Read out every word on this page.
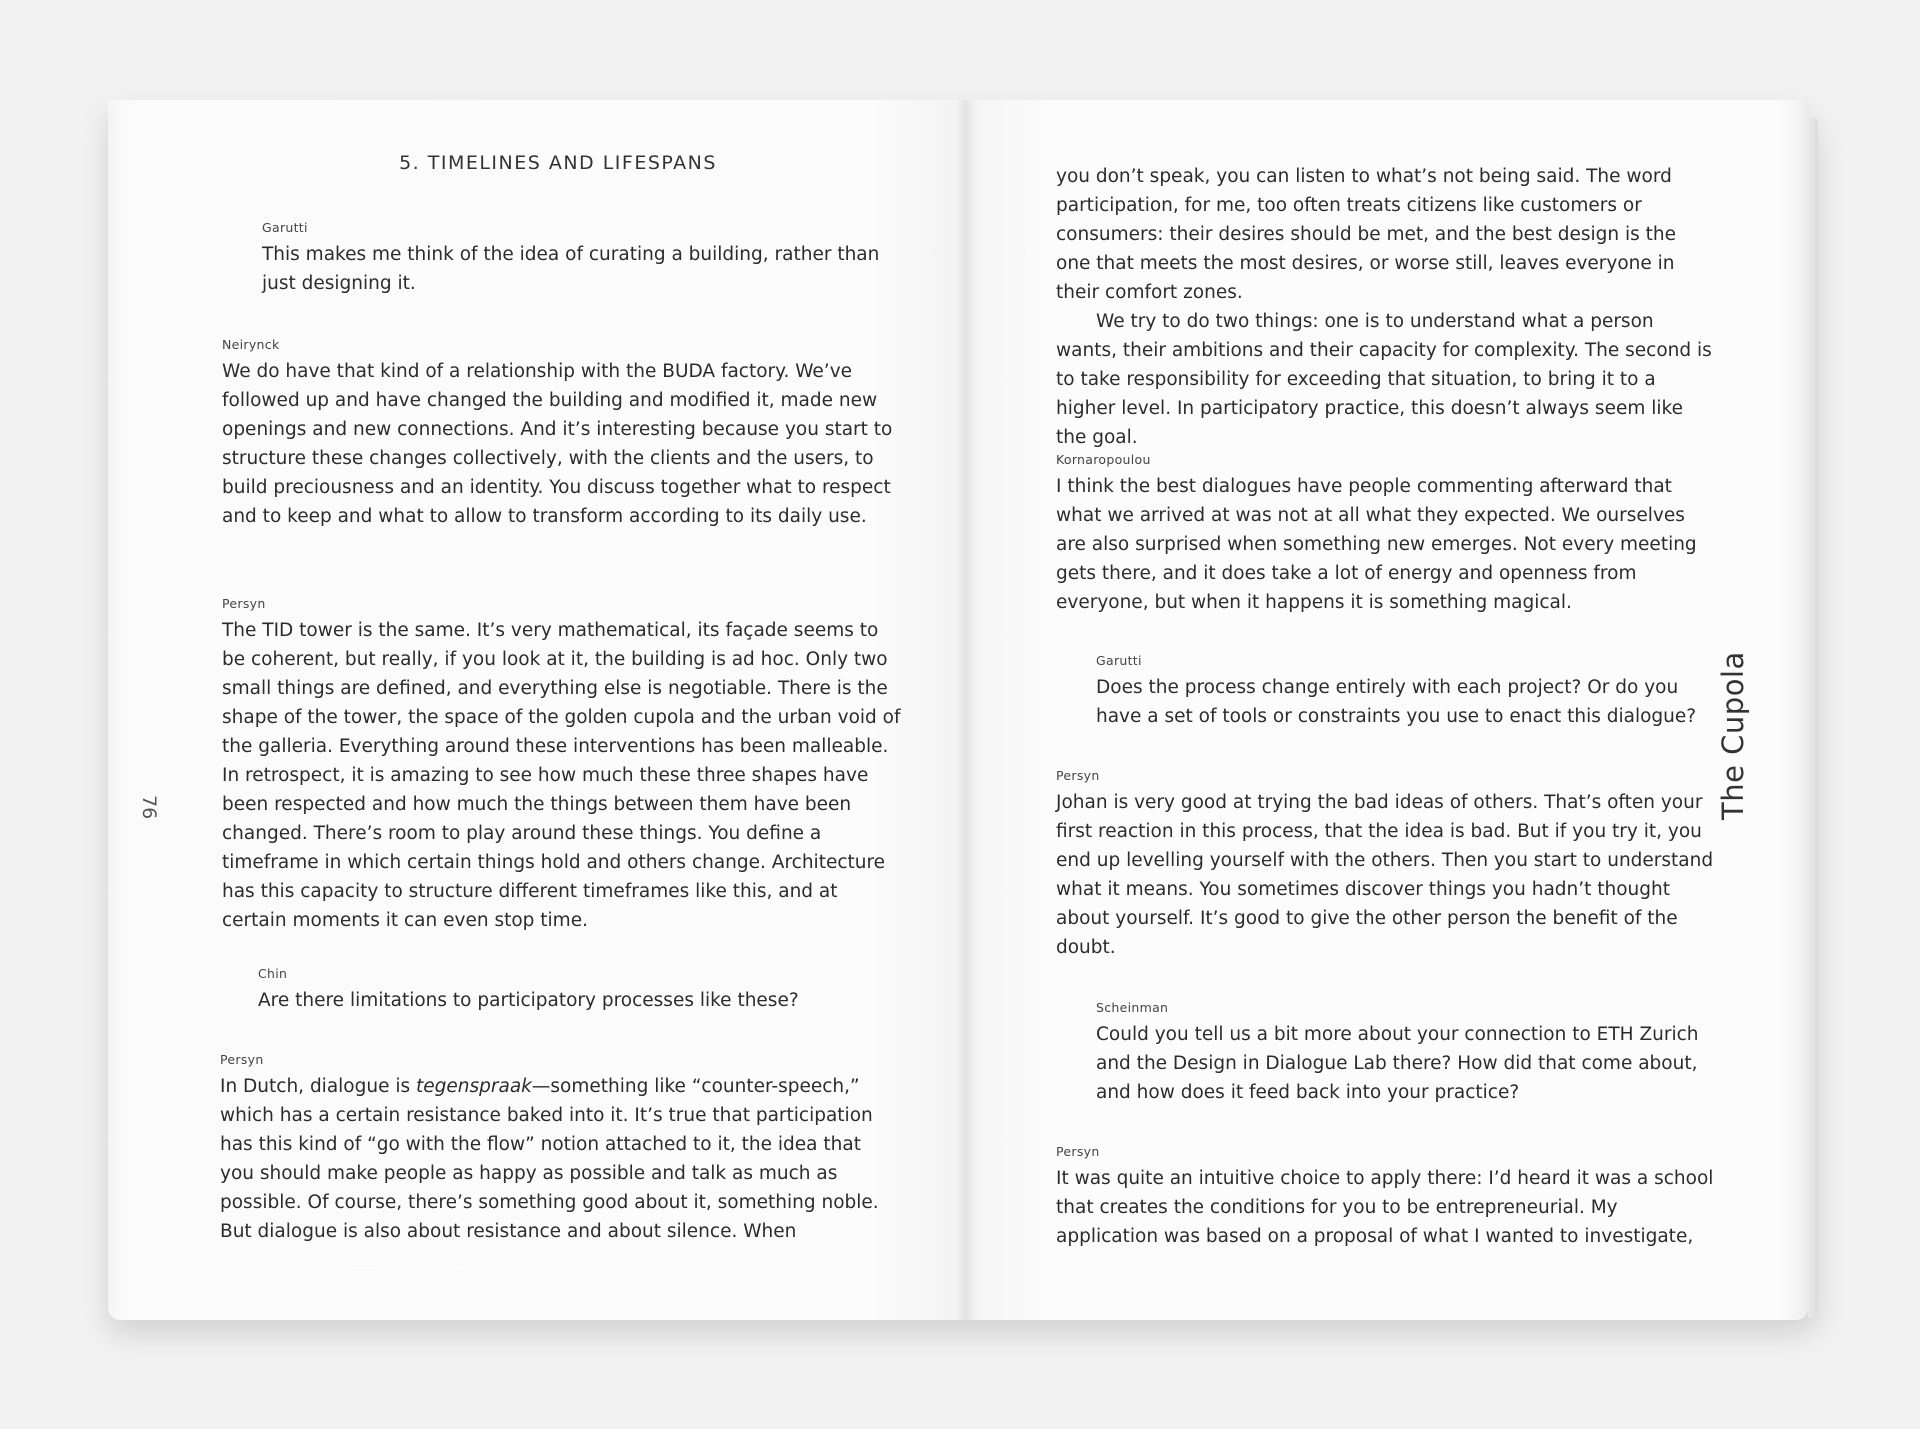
5. TIMELINES AND LIFESPANS
76
Garutti

This makes me think of the idea of curating a building, rather than just designing it.

Neirynck

We do have that kind of a relationship with the BUDA factory. We’ve followed up and have changed the building and modified it, made new openings and new connections. And it’s interesting because you start to structure these changes collectively, with the clients and the users, to build preciousness and an identity. You discuss together what to respect and to keep and what to allow to transform according to its daily use.

Persyn

The TID tower is the same. It’s very mathematical, its façade seems to be coherent, but really, if you look at it, the building is ad hoc. Only two small things are defined, and everything else is negotiable. There is the shape of the tower, the space of the golden cupola and the urban void of the galleria. Everything around these interventions has been malleable. In retrospect, it is amazing to see how much these three shapes have been respected and how much the things between them have been changed. There’s room to play around these things. You define a timeframe in which certain things hold and others change. Architecture has this capacity to structure different timeframes like this, and at certain moments it can even stop time.

Chin

Are there limitations to participatory processes like these?

Persyn

In Dutch, dialogue is tegenspraak—something like “counter-speech,” which has a certain resistance baked into it. It’s true that participation has this kind of “go with the flow” notion attached to it, the idea that you should make people as happy as possible and talk as much as possible. Of course, there’s something good about it, something noble. But dialogue is also about resistance and about silence. When

The Cupola

you don’t speak, you can listen to what’s not being said. The word participation, for me, too often treats citizens like customers or consumers: their desires should be met, and the best design is the one that meets the most desires, or worse still, leaves everyone in their comfort zones.

We try to do two things: one is to understand what a person wants, their ambitions and their capacity for complexity. The second is to take responsibility for exceeding that situation, to bring it to a higher level. In participatory practice, this doesn’t always seem like the goal.

Kornaropoulou

I think the best dialogues have people commenting afterward that what we arrived at was not at all what they expected. We ourselves are also surprised when something new emerges. Not every meeting gets there, and it does take a lot of energy and openness from everyone, but when it happens it is something magical.

Garutti

Does the process change entirely with each project? Or do you have a set of tools or constraints you use to enact this dialogue?

Persyn

Johan is very good at trying the bad ideas of others. That’s often your first reaction in this process, that the idea is bad. But if you try it, you end up levelling yourself with the others. Then you start to understand what it means. You sometimes discover things you hadn’t thought about yourself. It’s good to give the other person the benefit of the doubt.

Scheinman

Could you tell us a bit more about your connection to ETH Zurich and the Design in Dialogue Lab there? How did that come about, and how does it feed back into your practice?

Persyn

It was quite an intuitive choice to apply there: I’d heard it was a school that creates the conditions for you to be entrepreneurial. My application was based on a proposal of what I wanted to investigate,
